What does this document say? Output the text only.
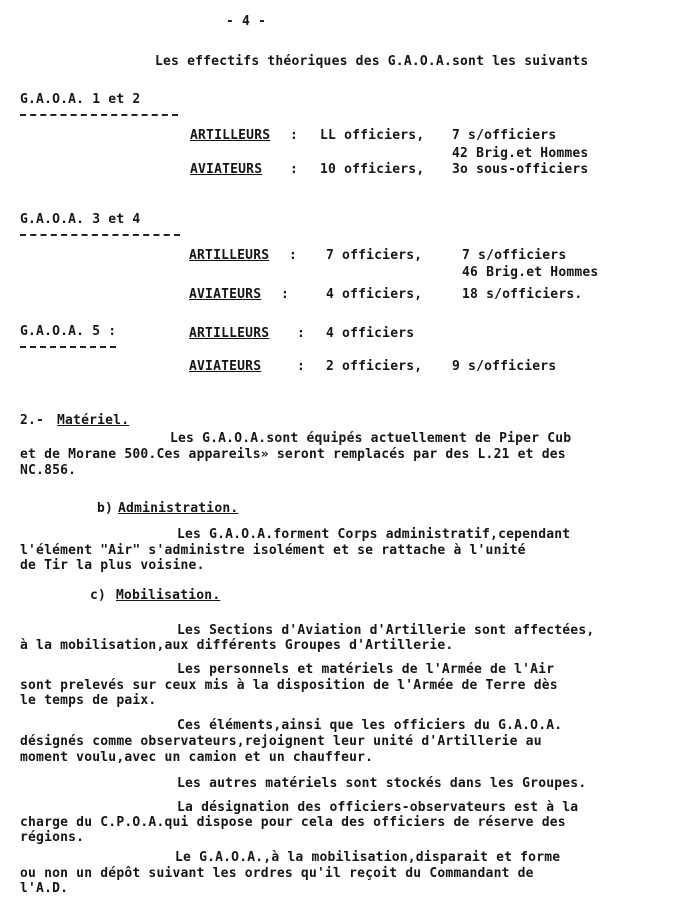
- 4 -
Les effectifs théoriques des G.A.O.A.sont les suivants
G.A.O.A. 1 et 2
ARTILLEURS : LL officiers, 7 s/officiers
42 Brig.et Hommes
AVIATEURS : 10 officiers, 3o sous-officiers
G.A.O.A. 3 et 4
ARTILLEURS : 7 officiers,	7 s/officiers
46 Brig.et Hommes
AVIATEURS :	4 officiers,	18 s/officiers.
G.A.O.A. 5 :	ARTILLEURS : 4 officiers
AVIATEURS	: 2 officiers, 9 s/officiers
2.- Matériel.
Les G.A.O.A.sont équipés actuellement de Piper Cub
et de Morane 500.Ces appareils» seront remplacés par des L.21 et des
NC.856.
b) Administration.
Les G.A.O.A.forment Corps administratif,cependant
l'élément "Air" s'administre isolément et se rattache à l'unité
de Tir la plus voisine.
c) Mobilisation.
Les Sections d'Aviation d'Artillerie sont affectées,
à la mobilisation,aux différents Groupes d'Artillerie.
Les personnels et matériels de l'Armée de l'Air
sont prelevés sur ceux mis à la disposition de l'Armée de Terre dès
le temps de paix.
Ces éléments,ainsi que les officiers du G.A.O.A.
désignés comme observateurs,rejoignent leur unité d'Artillerie au
moment voulu,avec un camion et un chauffeur.
Les autres matériels sont stockés dans les Groupes.
La désignation des officiers-observateurs est à la
charge du C.P.O.A.qui dispose pour cela des officiers de réserve des
régions.
Le G.A.O.A.,à la mobilisation,disparait et forme
ou non un dépôt suivant les ordres qu'il reçoit du Commandant de
l'A.D.
